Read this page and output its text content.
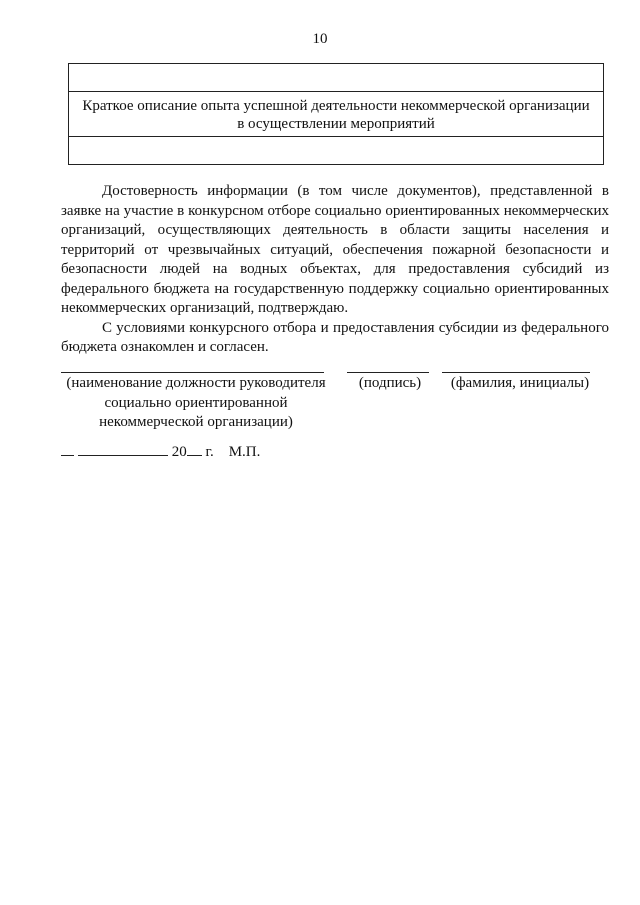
10
Краткое описание опыта успешной деятельности некоммерческой организации в осуществлении мероприятий

Достоверность информации (в том числе документов), представленной в заявке на участие в конкурсном отборе социально ориентированных некоммерческих организаций, осуществляющих деятельность в области защиты населения и территорий от чрезвычайных ситуаций, обеспечения пожарной безопасности и безопасности людей на водных объектах, для предоставления субсидий из федерального бюджета на государственную поддержку социально ориентированных некоммерческих организаций, подтверждаю.

С условиями конкурсного отбора и предоставления субсидии из федерального бюджета ознакомлен и согласен.

(наименование должности руководителя социально ориентированной некоммерческой организации)
(подпись)	(фамилия, инициалы)
20 г. М.П.
